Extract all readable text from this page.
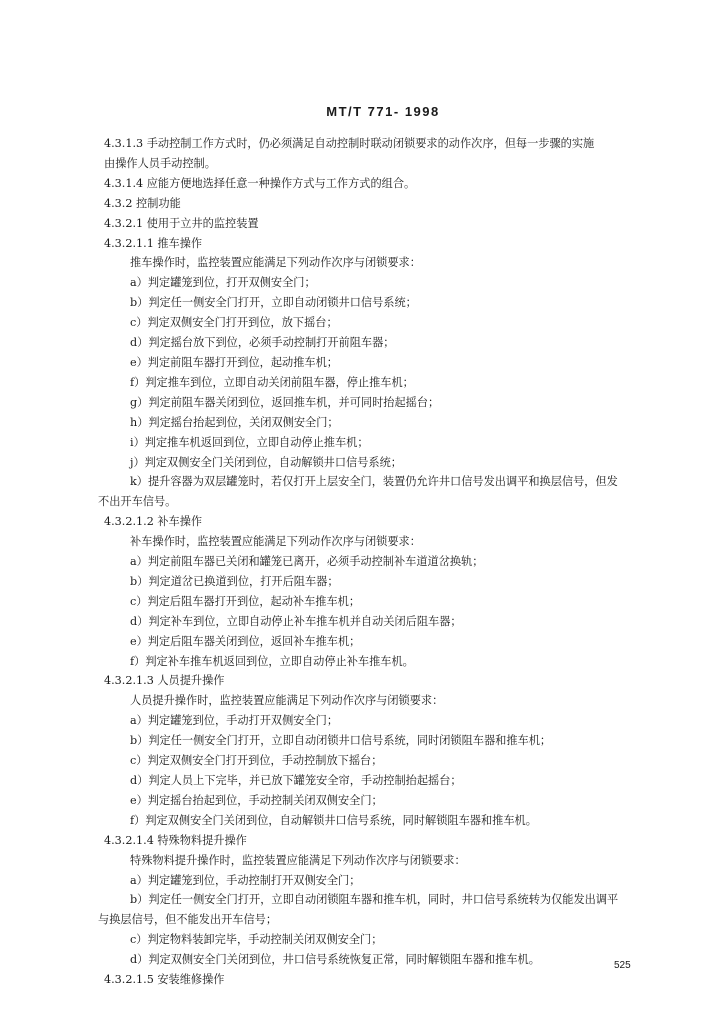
MT/T 771- 1998
4.3.1.3 手动控制工作方式时，仍必须满足自动控制时联动闭锁要求的动作次序，但每一步骤的实施
由操作人员手动控制。
4.3.1.4 应能方便地选择任意一种操作方式与工作方式的组合。
4.3.2 控制功能
4.3.2.1 使用于立井的监控装置
4.3.2.1.1 推车操作
推车操作时，监控装置应能满足下列动作次序与闭锁要求：
a）判定罐笼到位，打开双侧安全门；
b）判定任一侧安全门打开，立即自动闭锁井口信号系统；
c）判定双侧安全门打开到位，放下摇台；
d）判定摇台放下到位，必须手动控制打开前阻车器；
e）判定前阻车器打开到位，起动推车机；
f）判定推车到位，立即自动关闭前阻车器，停止推车机；
g）判定前阻车器关闭到位，返回推车机，并可同时抬起摇台；
h）判定摇台抬起到位，关闭双侧安全门；
i）判定推车机返回到位，立即自动停止推车机；
j）判定双侧安全门关闭到位，自动解锁井口信号系统；
k）提升容器为双层罐笼时，若仅打开上层安全门，装置仍允许井口信号发出调平和换层信号，但发
不出开车信号。
4.3.2.1.2 补车操作
补车操作时，监控装置应能满足下列动作次序与闭锁要求：
a）判定前阻车器已关闭和罐笼已离开，必须手动控制补车道道岔换轨；
b）判定道岔已换道到位，打开后阻车器；
c）判定后阻车器打开到位，起动补车推车机；
d）判定补车到位，立即自动停止补车推车机并自动关闭后阻车器；
e）判定后阻车器关闭到位，返回补车推车机；
f）判定补车推车机返回到位，立即自动停止补车推车机。
4.3.2.1.3 人员提升操作
人员提升操作时，监控装置应能满足下列动作次序与闭锁要求：
a）判定罐笼到位，手动打开双侧安全门；
b）判定任一侧安全门打开，立即自动闭锁井口信号系统，同时闭锁阻车器和推车机；
c）判定双侧安全门打开到位，手动控制放下摇台；
d）判定人员上下完毕，并已放下罐笼安全帘，手动控制抬起摇台；
e）判定摇台抬起到位，手动控制关闭双侧安全门；
f）判定双侧安全门关闭到位，自动解锁井口信号系统，同时解锁阻车器和推车机。
4.3.2.1.4 特殊物料提升操作
特殊物料提升操作时，监控装置应能满足下列动作次序与闭锁要求：
a）判定罐笼到位，手动控制打开双侧安全门；
b）判定任一侧安全门打开，立即自动闭锁阻车器和推车机，同时，井口信号系统转为仅能发出调平
与换层信号，但不能发出开车信号；
c）判定物料装卸完毕，手动控制关闭双侧安全门；
d）判定双侧安全门关闭到位，井口信号系统恢复正常，同时解锁阻车器和推车机。
4.3.2.1.5 安装维修操作
525
